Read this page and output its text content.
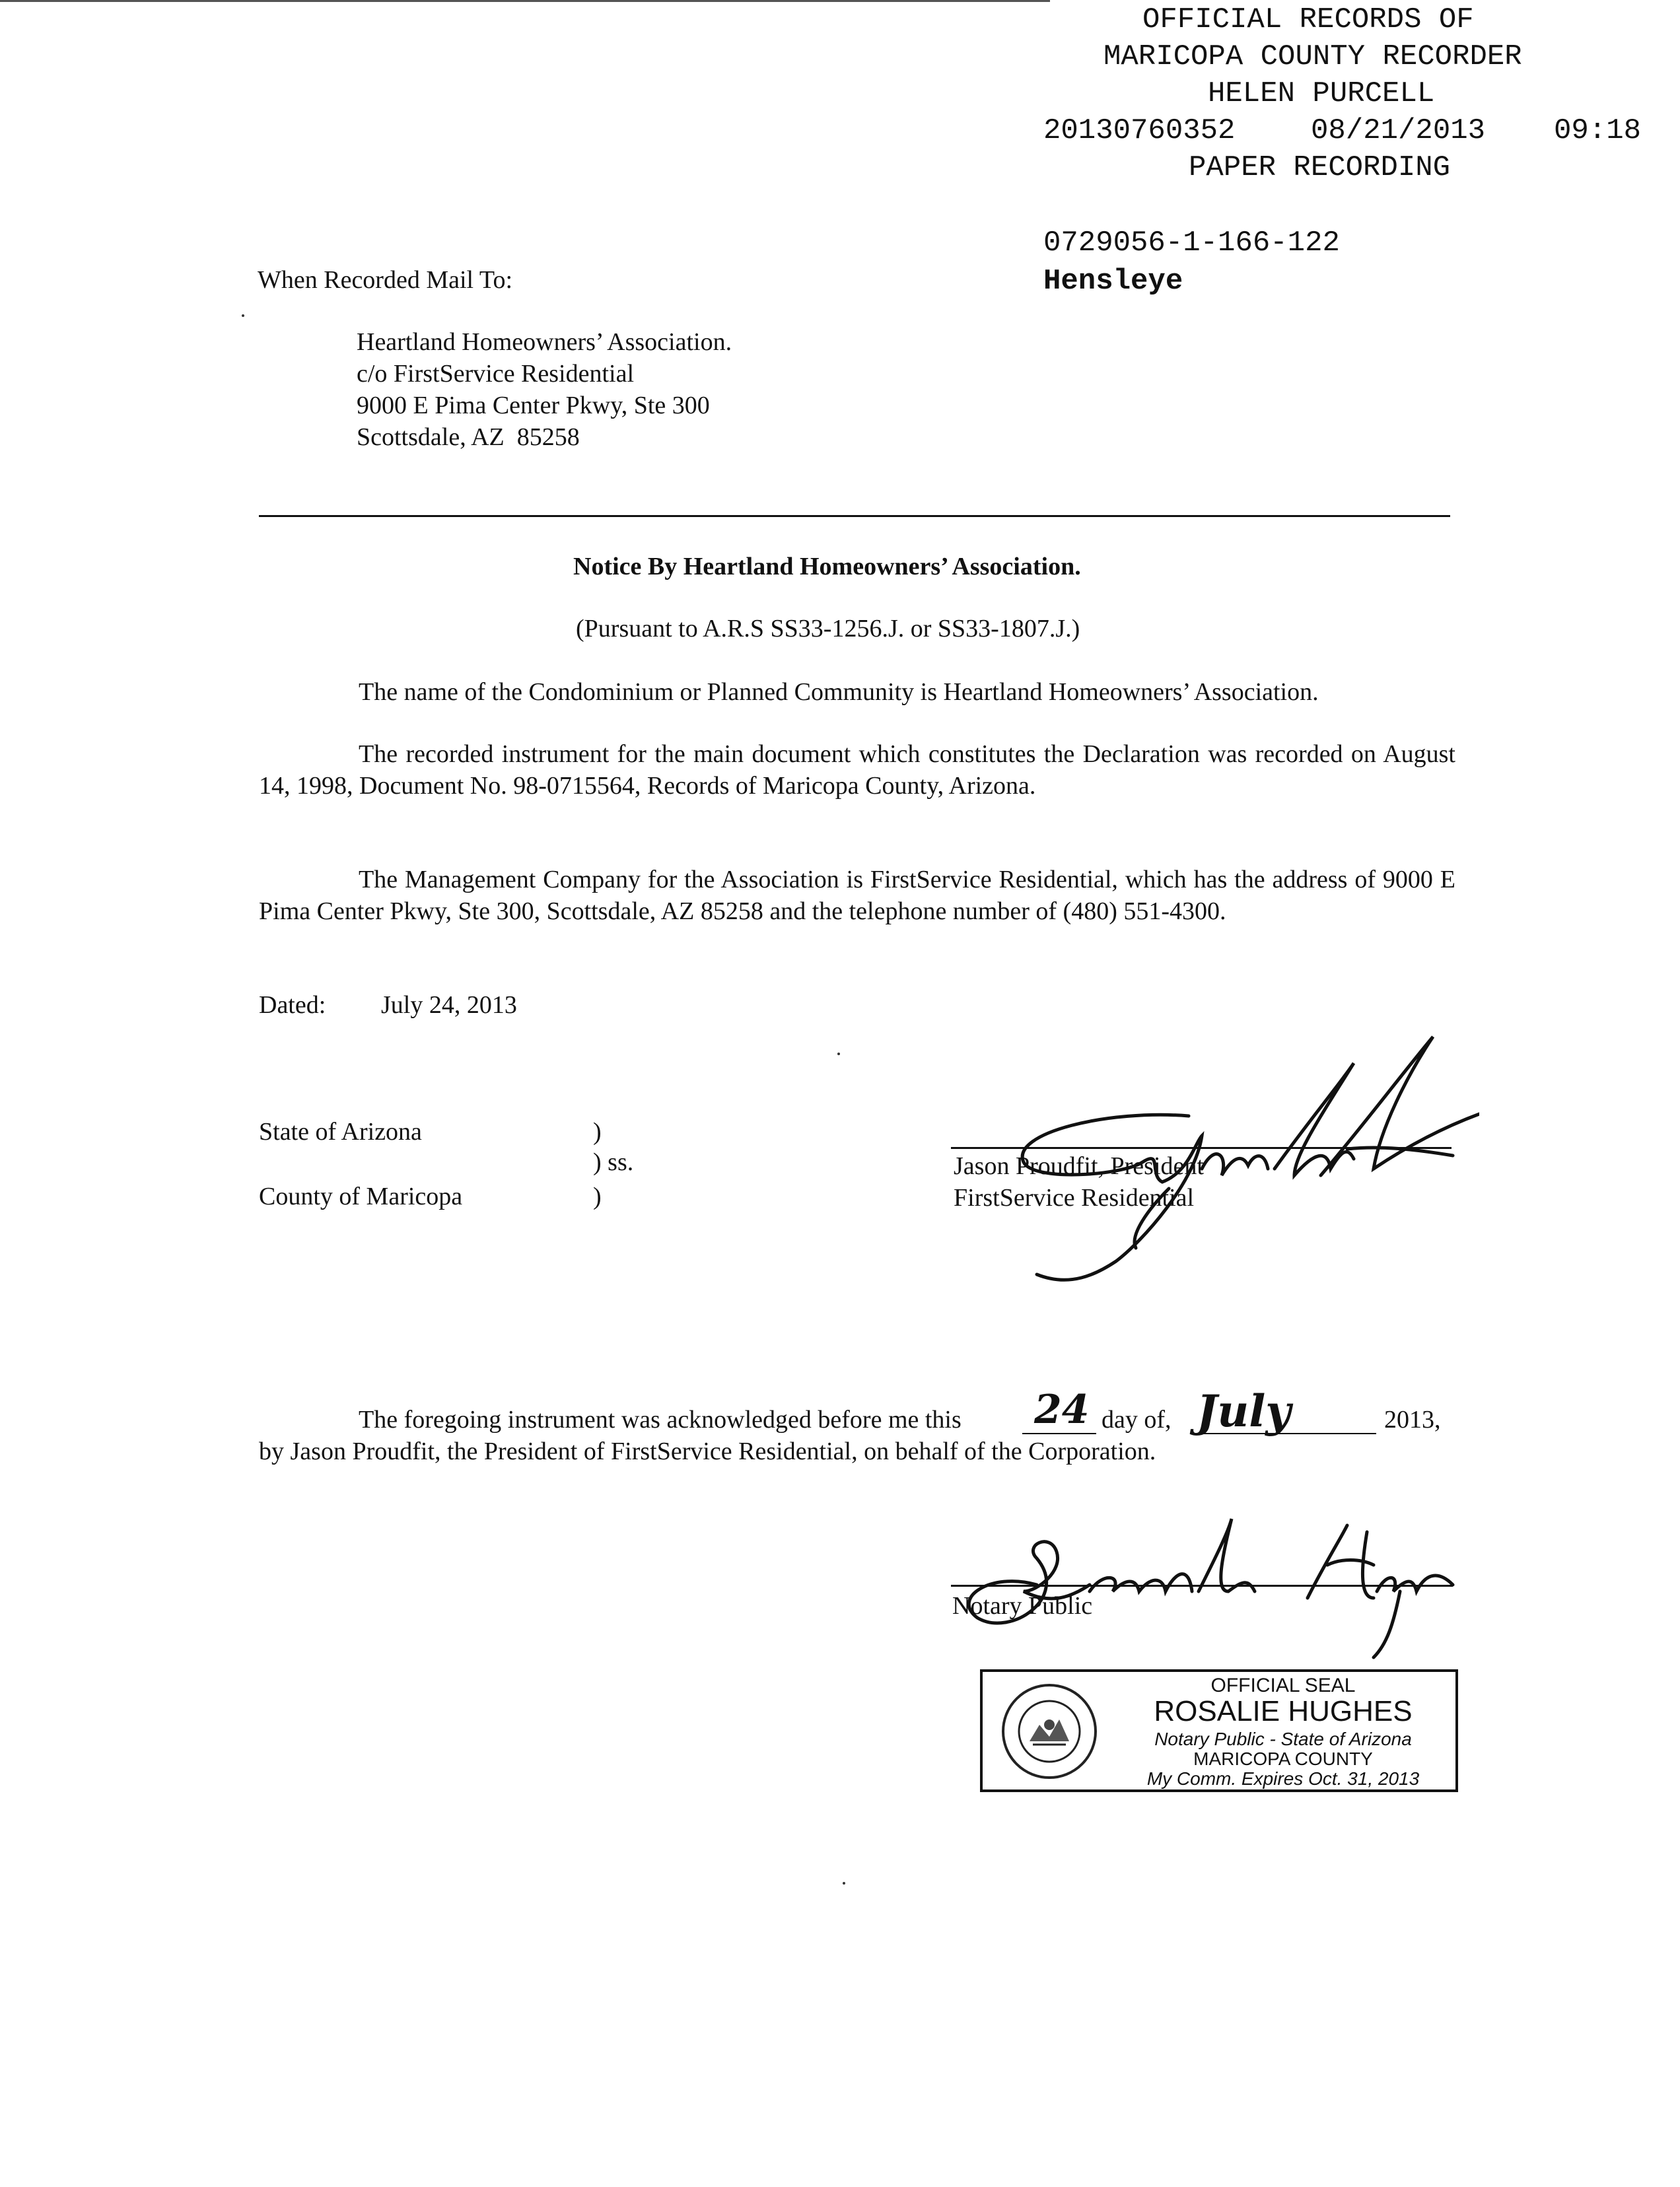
OFFICIAL RECORDS OF

MARICOPA COUNTY RECORDER

HELEN PURCELL

20130760352

	08/21/2013

09:18

PAPER RECORDING

0729056-1-166-122

Hensleye

When Recorded Mail To:
Heartland Homeowners’ Association.
c/o FirstService Residential
9000 E Pima Center Pkwy, Ste 300
Scottsdale, AZ  85258
Notice By Heartland Homeowners’ Association.
(Pursuant to A.R.S SS33-1256.J. or SS33-1807.J.)
The name of the Condominium or Planned Community is Heartland Homeowners’ Association.
The recorded instrument for the main document which constitutes the Declaration was recorded on August 14, 1998, Document No. 98-0715564, Records of Maricopa County, Arizona.
The Management Company for the Association is FirstService Residential, which has the address of 9000 E Pima Center Pkwy, Ste 300, Scottsdale, AZ 85258 and the telephone number of (480) 551-4300.
Dated: July 24, 2013
State of Arizona	)
) ss.
County of Maricopa	)
Jason Proudfit, President
FirstService Residential
The foregoing instrument was acknowledged before me this 24 day of, July	2013,
by Jason Proudfit, the President of FirstService Residential, on behalf of the Corporation.
Notary Public
OFFICIAL SEAL
ROSALIE HUGHES
Notary Public - State of Arizona
MARICOPA COUNTY
My Comm. Expires Oct. 31, 2013
